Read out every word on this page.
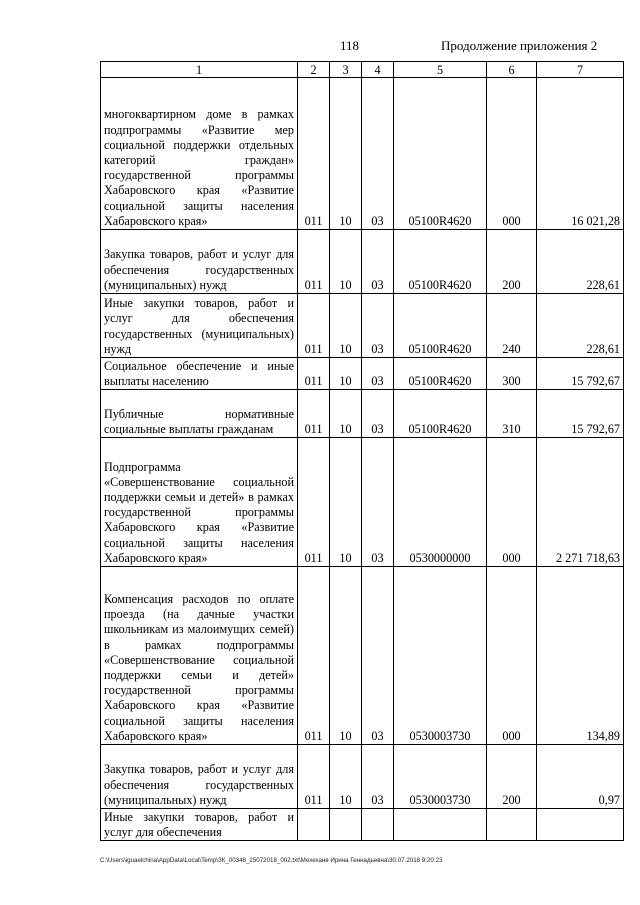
118	Продолжение приложения 2
1	2	3	4	5	6	7
многоквартирном доме в рамках подпрограммы «Развитие мер социальной поддержки отдельных категорий граждан» государственной программы Хабаровского края «Развитие социальной защиты населения Хабаровского края»	011	10	03	05100R4620	000	16 021,28
Закупка товаров, работ и услуг для обеспечения государственных (муниципальных) нужд	011	10	03	05100R4620	200	228,61
Иные закупки товаров, работ и услуг для обеспечения государственных (муниципальных) нужд	011	10	03	05100R4620	240	228,61
Социальное обеспечение и иные выплаты населению	011	10	03	05100R4620	300	15 792,67
Публичные нормативные социальные выплаты гражданам	011	10	03	05100R4620	310	15 792,67
Подпрограмма «Совершенствование социальной поддержки семьи и детей» в рамках государственной программы Хабаровского края «Развитие социальной защиты населения Хабаровского края»	011	10	03	0530000000	000	2 271 718,63
Компенсация расходов по оплате проезда (на дачные участки школьникам из малоимущих семей) в рамках подпрограммы «Совершенствование социальной поддержки семьи и детей» государственной программы Хабаровского края «Развитие социальной защиты населения Хабаровского края»	011	10	03	0530003730	000	134,89
Закупка товаров, работ и услуг для обеспечения государственных (муниципальных) нужд	011	10	03	0530003730	200	0,97
Иные закупки товаров, работ и услуг для обеспечения						
C:\Users\iguaelchina\AppData\Local\Temp\ЗК_00346_25072018_002.txt\Мехеханв Ирина Геннадьевна\30.07.2018 9:20:23
